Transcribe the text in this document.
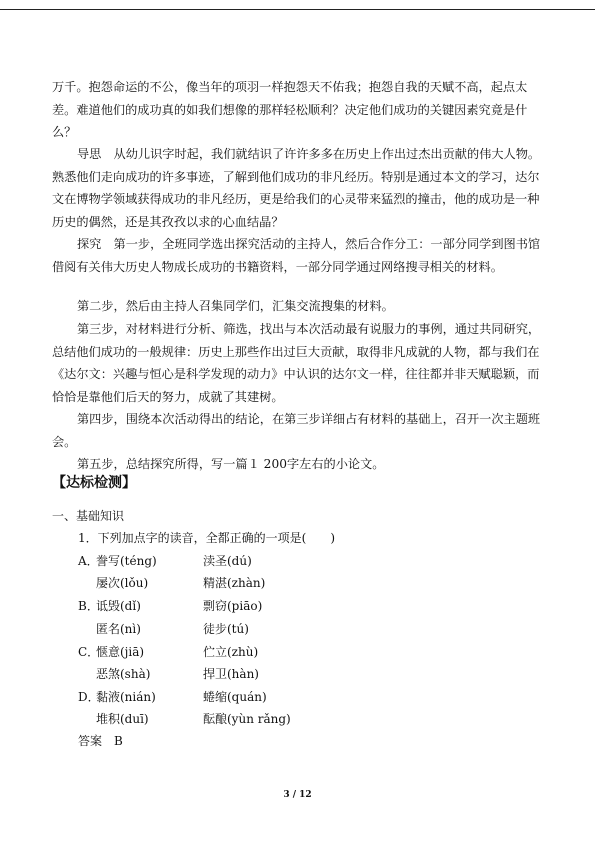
万千。抱怨命运的不公，像当年的项羽一样抱怨天不佑我；抱怨自我的天赋不高，起点太差。难道他们的成功真的如我们想像的那样轻松顺利？决定他们成功的关键因素究竟是什么？

导思　从幼儿识字时起，我们就结识了许许多多在历史上作出过杰出贡献的伟大人物。熟悉他们走向成功的许多事迹，了解到他们成功的非凡经历。特别是通过本文的学习，达尔文在博物学领域获得成功的非凡经历，更是给我们的心灵带来猛烈的撞击，他的成功是一种历史的偶然，还是其孜孜以求的心血结晶？

探究　第一步，全班同学选出探究活动的主持人，然后合作分工：一部分同学到图书馆借阅有关伟大历史人物成长成功的书籍资料，一部分同学通过网络搜寻相关的材料。

第二步，然后由主持人召集同学们，汇集交流搜集的材料。

第三步，对材料进行分析、筛选，找出与本次活动最有说服力的事例，通过共同研究，总结他们成功的一般规律：历史上那些作出过巨大贡献，取得非凡成就的人物，都与我们在《达尔文：兴趣与恒心是科学发现的动力》中认识的达尔文一样，往往都并非天赋聪颖，而恰恰是靠他们后天的努力，成就了其建树。

第四步，围绕本次活动得出的结论，在第三步详细占有材料的基础上，召开一次主题班会。

第五步，总结探究所得，写一篇１ 200字左右的小论文。

【达标检测】
一、基础知识
1．下列加点字的读音，全都正确的一项是(　　)
A．
誊写(téng)	渎圣(dú)
屡次(lǒu)	精湛(zhàn)
B．
诋毁(dǐ)	剽窃(piāo)
匿名(nì)	徒步(tú)
C．
惬意(jiā)	伫立(zhù)
恶煞(shà)	捍卫(hàn)
D．
黏液(nián)	蜷缩(quán)
堆积(duī)	酝酿(yùn rǎng)
答案　B
3 / 12
